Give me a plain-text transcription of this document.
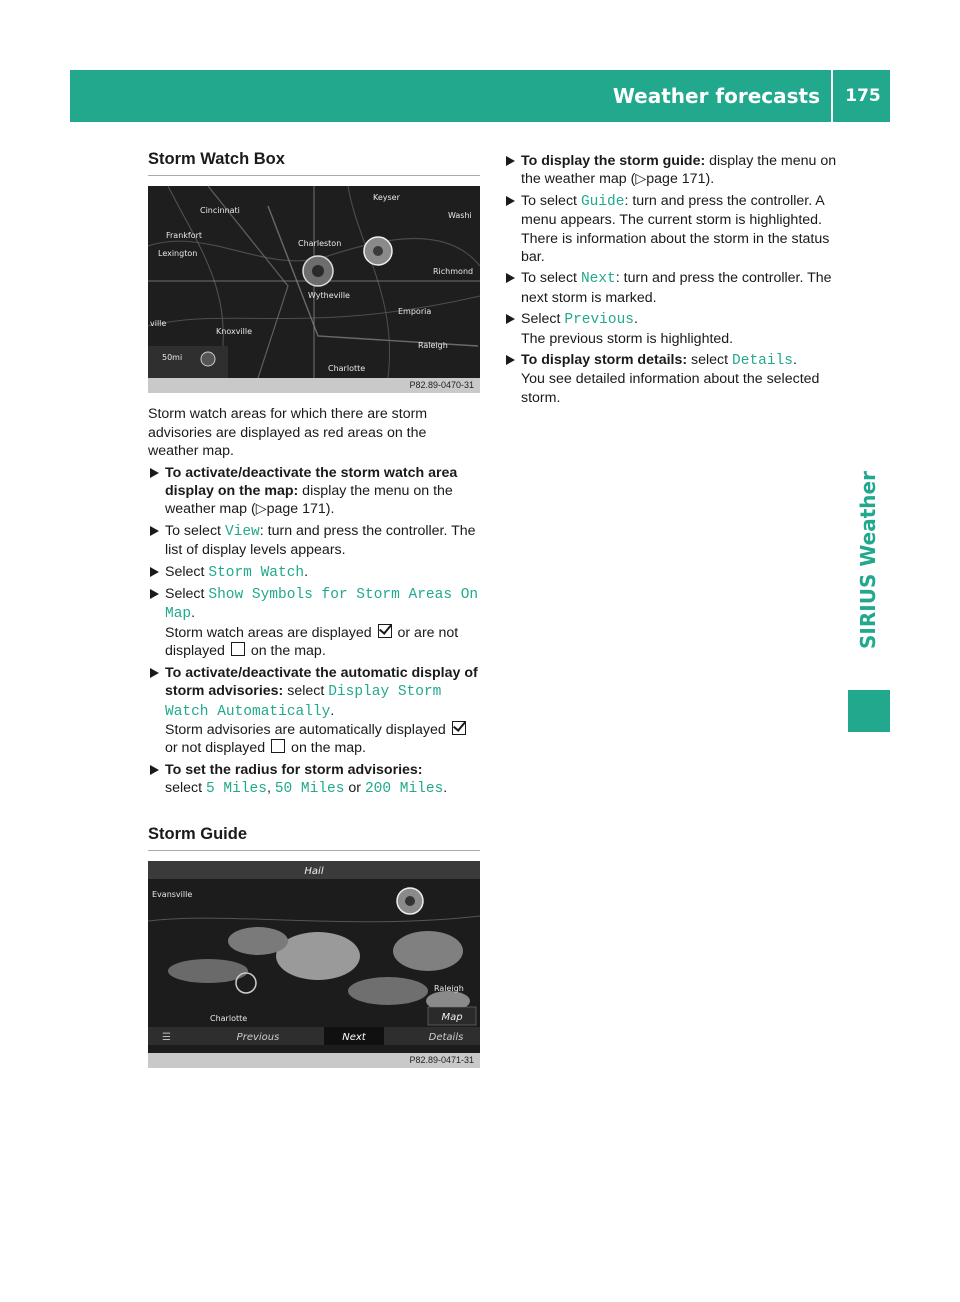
Weather forecasts	175
SIRIUS Weather
Storm Watch Box
Cincinnati
Washi
Keyser
Frankfort
Charleston
Richmond
Lexington
Wytheville
Knoxville
Emporia
Raleigh
Charlotte
ville
50mi
P82.89-0470-31

Storm watch areas for which there are storm advisories are displayed as red areas on the weather map.

To activate/deactivate the storm watch area display on the map: display the menu on the weather map (▷page 171).
To select View: turn and press the controller. The list of display levels appears.
Select Storm Watch.
Select Show Symbols for Storm Areas On Map.
Storm watch areas are displayed  or are not displayed  on the map.
To activate/deactivate the automatic display of storm advisories: select Display Storm Watch Automatically.
Storm advisories are automatically displayed  or not displayed  on the map.
To set the radius for storm advisories:
select 5 Miles, 50 Miles or 200 Miles.
Storm Guide
Hail
Evansville
Raleigh
Charlotte	Map
☰	Previous	Next	Details
P82.89-0471-31
To display the storm guide: display the menu on the weather map (▷page 171).
To select Guide: turn and press the controller. A menu appears. The current storm is highlighted. There is information about the storm in the status bar.
To select Next: turn and press the controller. The next storm is marked.
Select Previous.
The previous storm is highlighted.
To display storm details: select Details.
You see detailed information about the selected storm.
